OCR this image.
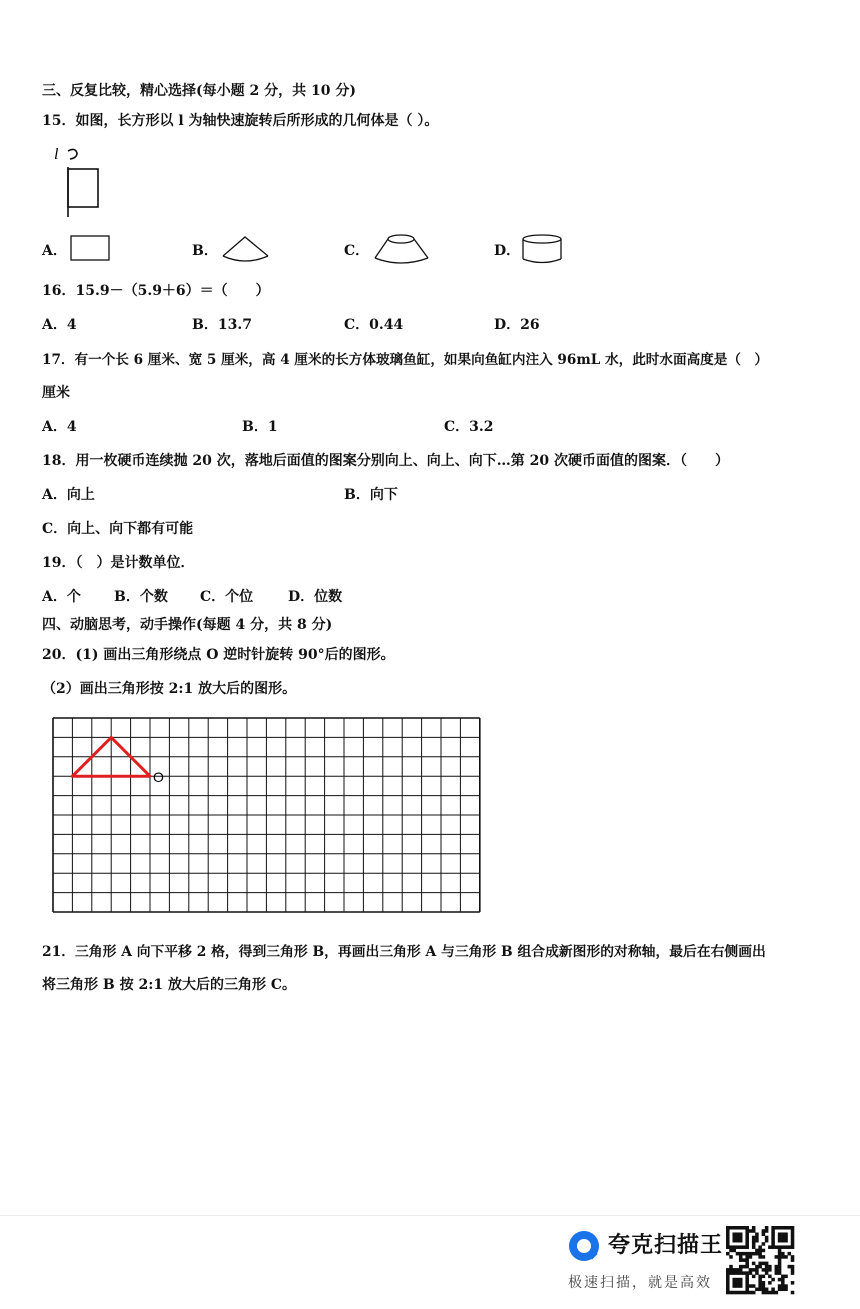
三、反复比较，精心选择(每小题 2 分，共 10 分)
15．如图，长方形以 l 为轴快速旋转后所形成的几何体是（ ）。
l
A．	B．	C．	D．
16．15.9－（5.9＋6）＝（　　）
A．4	B．13.7	C．0.44	D．26
17．有一个长 6 厘米、宽 5 厘米，高 4 厘米的长方体玻璃鱼缸，如果向鱼缸内注入 96mL 水，此时水面高度是（　）
厘米
A．4	B．1	C．3.2
18．用一枚硬币连续抛 20 次，落地后面值的图案分别向上、向上、向下…第 20 次硬币面值的图案．（　　）
A．向上	B．向下
C．向上、向下都有可能
19．（　）是计数单位．
A．个 B．个数 C．个位 D．位数
四、动脑思考，动手操作(每题 4 分，共 8 分)
20．(1) 画出三角形绕点 O 逆时针旋转 90°后的图形。
（2）画出三角形按 2:1 放大后的图形。
O
21．三角形 A 向下平移 2 格，得到三角形 B，再画出三角形 A 与三角形 B 组合成新图形的对称轴，最后在右侧画出
将三角形 B 按 2:1 放大后的三角形 C。
夸克扫描王
极速扫描，就是高效
